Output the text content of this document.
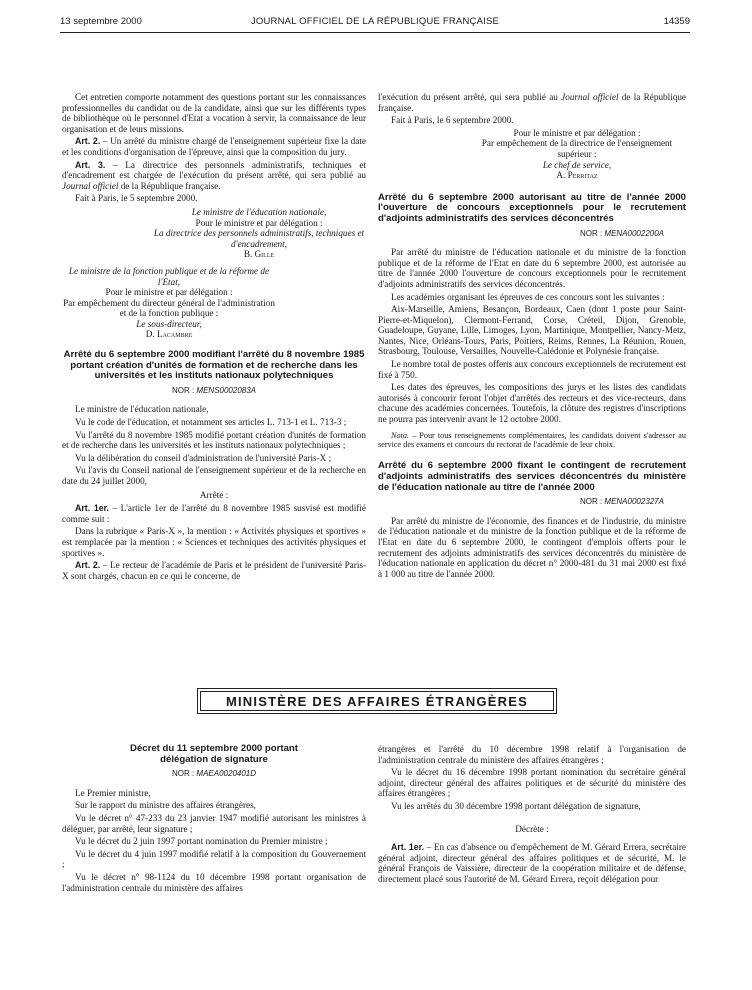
13 septembre 2000	JOURNAL OFFICIEL DE LA RÉPUBLIQUE FRANÇAISE	14359

Cet entretien comporte notamment des questions portant sur les connaissances professionnelles du candidat ou de la candidate, ainsi que sur les différents types de bibliothèque où le personnel d'Etat a vocation à servir, la connaissance de leur organisation et de leurs missions.

Art. 2. – Un arrêté du ministre chargé de l'enseignement supérieur fixe la date et les conditions d'organisation de l'épreuve, ainsi que la composition du jury.

Art. 3. – La directrice des personnels administratifs, techniques et d'encadrement est chargée de l'exécution du présent arrêté, qui sera publié au Journal officiel de la République française.

Fait à Paris, le 5 septembre 2000.

Le ministre de l'éducation nationale,

Pour le ministre et par délégation :

La directrice des personnels administratifs, techniques et d'encadrement,

B. Gille

Le ministre de la fonction publique et de la réforme de l'Etat,

Pour le ministre et par délégation :

Par empêchement du directeur général de l'administration et de la fonction publique :

Le sous-directeur,

D. Lacambre

Arrêté du 6 septembre 2000 modifiant l'arrêté du 8 novembre 1985 portant création d'unités de formation et de recherche dans les universités et les instituts nationaux polytechniques

NOR : MENS0002083A

Le ministre de l'éducation nationale,

Vu le code de l'éducation, et notamment ses articles L. 713-1 et L. 713-3 ;

Vu l'arrêté du 8 novembre 1985 modifié portant création d'unités de formation et de recherche dans les universités et les instituts nationaux polytechniques ;

Vu la délibération du conseil d'administration de l'université Paris-X ;

Vu l'avis du Conseil national de l'enseignement supérieur et de la recherche en date du 24 juillet 2000,

Arrête :

Art. 1er. – L'article 1er de l'arrêté du 8 novembre 1985 susvisé est modifié comme suit :

Dans la rubrique « Paris-X », la mention : « Activités physiques et sportives » est remplacée par la mention : « Sciences et techniques des activités physiques et sportives ».

Art. 2. – Le recteur de l'académie de Paris et le président de l'université Paris-X sont chargés, chacun en ce qui le concerne, de

l'exécution du présent arrêté, qui sera publié au Journal officiel de la République française.

Fait à Paris, le 6 septembre 2000.

Pour le ministre et par délégation :

Par empêchement de la directrice de l'enseignement supérieur :

Le chef de service,

A. Perritaz

Arrêté du 6 septembre 2000 autorisant au titre de l'année 2000 l'ouverture de concours exceptionnels pour le recrutement d'adjoints administratifs des services déconcentrés

NOR : MENA0002200A

Par arrêté du ministre de l'éducation nationale et du ministre de la fonction publique et de la réforme de l'Etat en date du 6 septembre 2000, est autorisée au titre de l'année 2000 l'ouverture de concours exceptionnels pour le recrutement d'adjoints administratifs des services déconcentrés.

Les académies organisant les épreuves de ces concours sont les suivantes :

Aix-Marseille, Amiens, Besançon, Bordeaux, Caen (dont 1 poste pour Saint-Pierre-et-Miquelon), Clermont-Ferrand, Corse, Créteil, Dijon, Grenoble, Guadeloupe, Guyane, Lille, Limoges, Lyon, Martinique, Montpellier, Nancy-Metz, Nantes, Nice, Orléans-Tours, Paris, Poitiers, Reims, Rennes, La Réunion, Rouen, Strasbourg, Toulouse, Versailles, Nouvelle-Calédonie et Polynésie française.

Le nombre total de postes offerts aux concours exceptionnels de recrutement est fixé à 750.

Les dates des épreuves, les compositions des jurys et les listes des candidats autorisés à concourir feront l'objet d'arrêtés des recteurs et des vice-recteurs, dans chacune des académies concernées. Toutefois, la clôture des registres d'inscriptions ne pourra pas intervenir avant le 12 octobre 2000.

Nota. – Pour tous renseignements complémentaires, les candidats doivent s'adresser au service des examens et concours du rectorat de l'académie de leur choix.

Arrêté du 6 septembre 2000 fixant le contingent de recrutement d'adjoints administratifs des services déconcentrés du ministère de l'éducation nationale au titre de l'année 2000

NOR : MENA0002327A

Par arrêté du ministre de l'économie, des finances et de l'industrie, du ministre de l'éducation nationale et du ministre de la fonction publique et de la réforme de l'Etat en date du 6 septembre 2000, le contingent d'emplois offerts pour le recrutement des adjoints administratifs des services déconcentrés du ministère de l'éducation nationale en application du décret n° 2000-481 du 31 mai 2000 est fixé à 1 000 au titre de l'année 2000.

MINISTÈRE DES AFFAIRES ÉTRANGÈRES

Décret du 11 septembre 2000 portant délégation de signature

NOR : MAEA0020401D

Le Premier ministre,

Sur le rapport du ministre des affaires étrangères,

Vu le décret n° 47-233 du 23 janvier 1947 modifié autorisant les ministres à déléguer, par arrêté, leur signature ;

Vu le décret du 2 juin 1997 portant nomination du Premier ministre ;

Vu le décret du 4 juin 1997 modifié relatif à la composition du Gouvernement ;

Vu le décret n° 98-1124 du 10 décembre 1998 portant organisation de l'administration centrale du ministère des affaires

étrangères et l'arrêté du 10 décembre 1998 relatif à l'organisation de l'administration centrale du ministère des affaires étrangères ;

Vu le décret du 16 décembre 1998 portant nomination du secrétaire général adjoint, directeur général des affaires politiques et de sécurité du ministère des affaires étrangères ;

Vu les arrêtés du 30 décembre 1998 portant délégation de signature,

Décrète :

Art. 1er. – En cas d'absence ou d'empêchement de M. Gérard Errera, secrétaire général adjoint, directeur général des affaires politiques et de sécurité, M. le général François de Vaissière, directeur de la coopération militaire et de défense, directement placé sous l'autorité de M. Gérard Errera, reçoit délégation pour
